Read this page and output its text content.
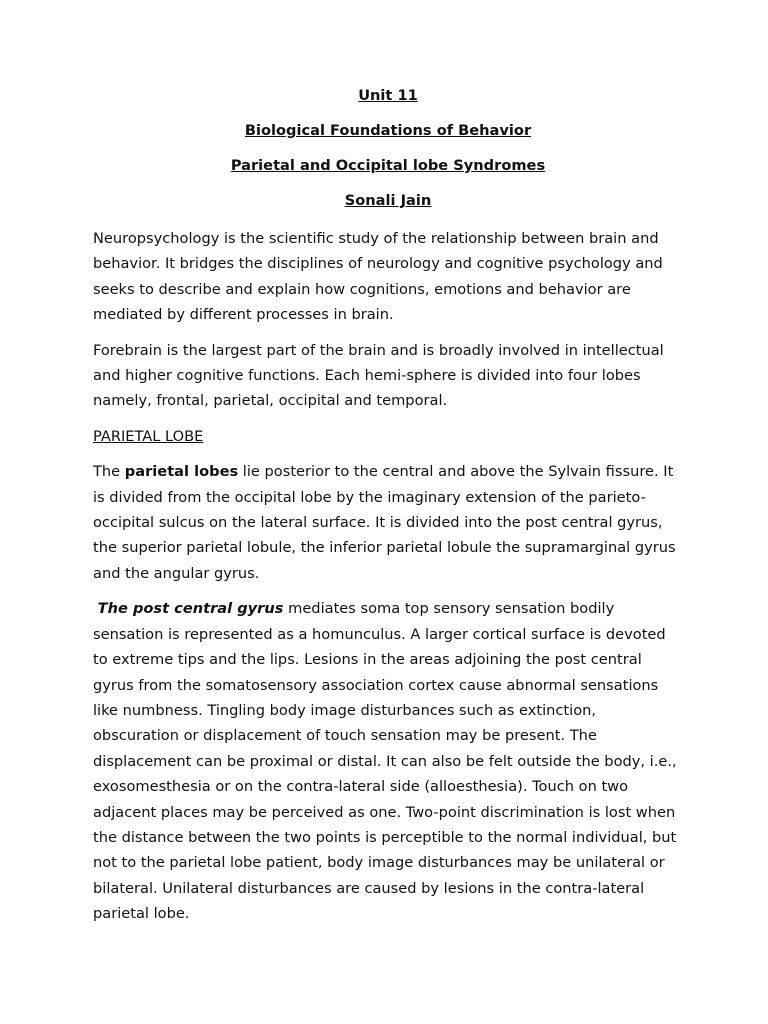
Unit 11
Biological Foundations of Behavior
Parietal and Occipital lobe Syndromes
Sonali Jain

Neuropsychology is the scientific study of the relationship between brain and behavior. It bridges the disciplines of neurology and cognitive psychology and seeks to describe and explain how cognitions, emotions and behavior are mediated by different processes in brain.

Forebrain is the largest part of the brain and is broadly involved in intellectual and higher cognitive functions. Each hemi-sphere is divided into four lobes namely, frontal, parietal, occipital and temporal.

PARIETAL LOBE

The parietal lobes lie posterior to the central and above the Sylvain fissure. It is divided from the occipital lobe by the imaginary extension of the parieto-occipital sulcus on the lateral surface. It is divided into the post central gyrus, the superior parietal lobule, the inferior parietal lobule the supramarginal gyrus and the angular gyrus.

The post central gyrus mediates soma top sensory sensation bodily sensation is represented as a homunculus. A larger cortical surface is devoted to extreme tips and the lips. Lesions in the areas adjoining the post central gyrus from the somatosensory association cortex cause abnormal sensations like numbness. Tingling body image disturbances such as extinction, obscuration or displacement of touch sensation may be present. The displacement can be proximal or distal. It can also be felt outside the body, i.e., exosomesthesia or on the contra-lateral side (alloesthesia). Touch on two adjacent places may be perceived as one. Two-point discrimination is lost when the distance between the two points is perceptible to the normal individual, but not to the parietal lobe patient, body image disturbances may be unilateral or bilateral. Unilateral disturbances are caused by lesions in the contra-lateral parietal lobe.
